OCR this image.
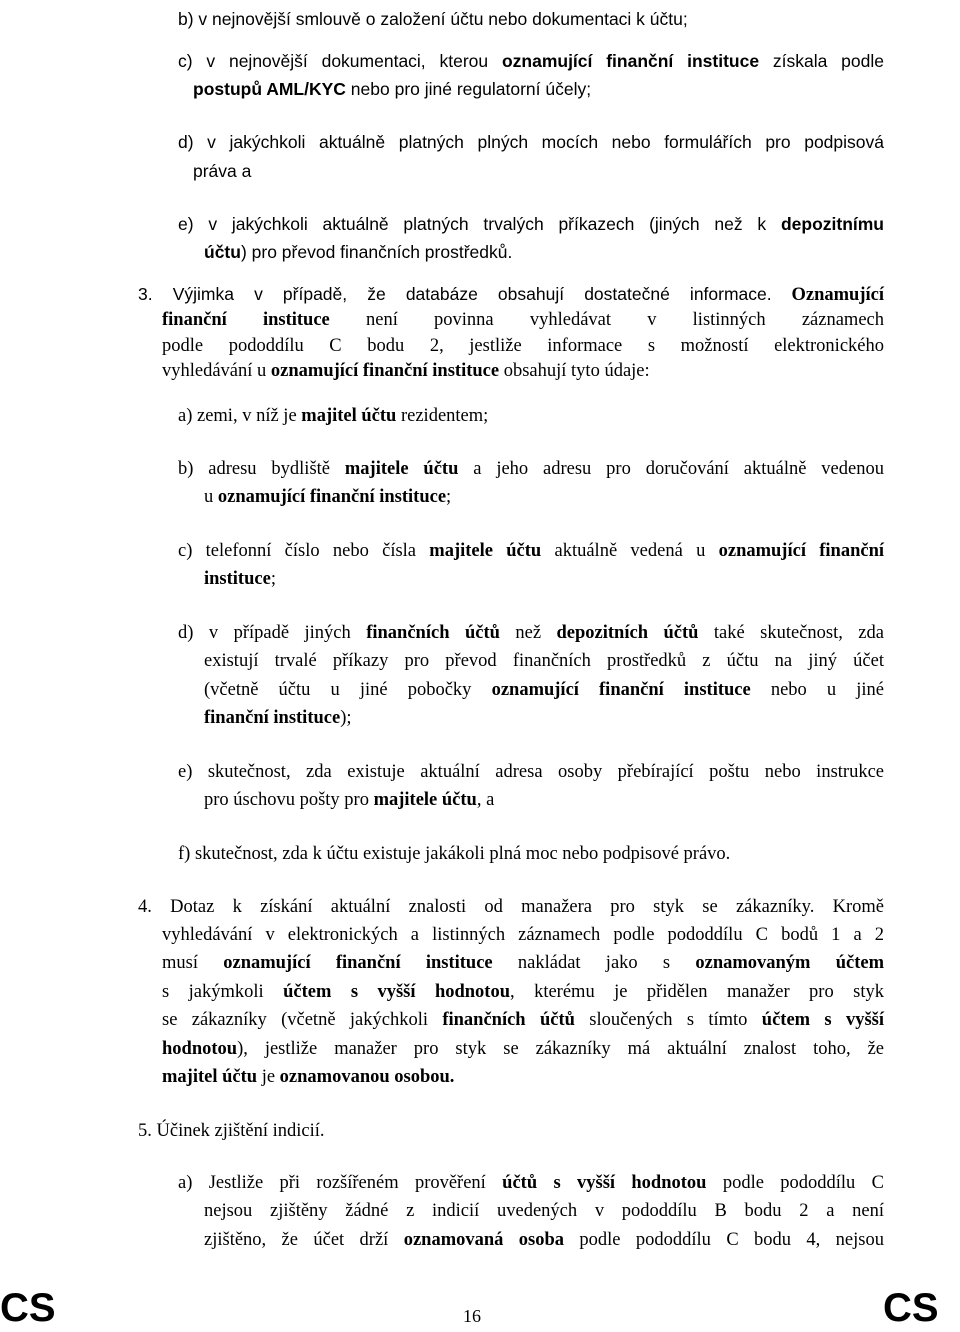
b) v nejnovější smlouvě o založení účtu nebo dokumentaci k účtu;
c) v nejnovější dokumentaci, kterou oznamující finanční instituce získala podle
postupů AML/KYC nebo pro jiné regulatorní účely;
d) v jakýchkoli aktuálně platných plných mocích nebo formulářích pro podpisová
práva a
e) v jakýchkoli aktuálně platných trvalých příkazech (jiných než k depozitnímu
účtu) pro převod finančních prostředků.
3. Výjimka v případě, že databáze obsahují dostatečné informace. Oznamující
finanční instituce není povinna vyhledávat v listinných záznamech
podle pododdílu C bodu 2, jestliže informace s možností elektronického
vyhledávání u oznamující finanční instituce obsahují tyto údaje:
a) zemi, v níž je majitel účtu rezidentem;
b) adresu bydliště majitele účtu a jeho adresu pro doručování aktuálně vedenou
u oznamující finanční instituce;
c) telefonní číslo nebo čísla majitele účtu aktuálně vedená u oznamující finanční
instituce;
d) v případě jiných finančních účtů než depozitních účtů také skutečnost, zda
existují trvalé příkazy pro převod finančních prostředků z účtu na jiný účet
(včetně účtu u jiné pobočky oznamující finanční instituce nebo u jiné
finanční instituce);
e) skutečnost, zda existuje aktuální adresa osoby přebírající poštu nebo instrukce
pro úschovu pošty pro majitele účtu, a
f) skutečnost, zda k účtu existuje jakákoli plná moc nebo podpisové právo.
4. Dotaz k získání aktuální znalosti od manažera pro styk se zákazníky. Kromě
vyhledávání v elektronických a listinných záznamech podle pododdílu C bodů 1 a 2
musí oznamující finanční instituce nakládat jako s oznamovaným účtem
s jakýmkoli účtem s vyšší hodnotou, kterému je přidělen manažer pro styk
se zákazníky (včetně jakýchkoli finančních účtů sloučených s tímto účtem s vyšší
hodnotou), jestliže manažer pro styk se zákazníky má aktuální znalost toho, že
majitel účtu je oznamovanou osobou.
5. Účinek zjištění indicií.
a) Jestliže při rozšířeném prověření účtů s vyšší hodnotou podle pododdílu C
nejsou zjištěny žádné z indicií uvedených v pododdílu B bodu 2 a není
zjištěno, že účet drží oznamovaná osoba podle pododdílu C bodu 4, nejsou
CS	16	CS
